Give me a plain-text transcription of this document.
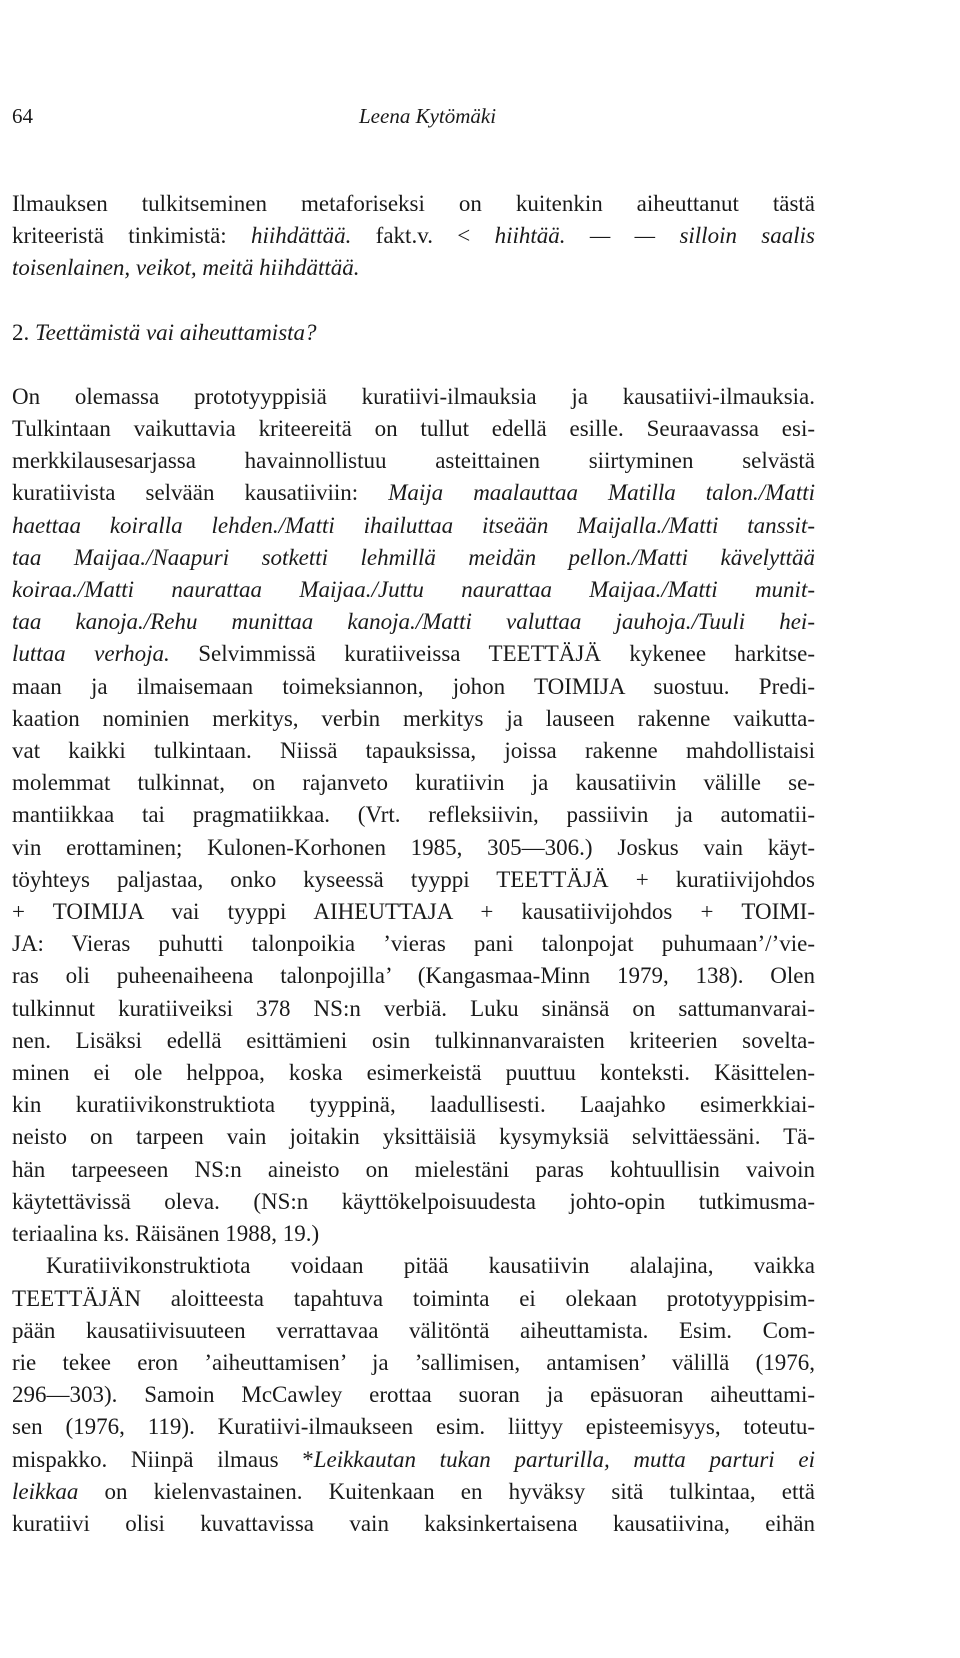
64	Leena Kytömäki
Ilmauksen tulkitseminen metaforiseksi on kuitenkin aiheuttanut tästä
kriteeristä tinkimistä: hiihdättää. fakt.v. < hiihtää. — — silloin saalis
toisenlainen, veikot, meitä hiihdättää.
2. Teettämistä vai aiheuttamista?
On olemassa prototyyppisiä kuratiivi-ilmauksia ja kausatiivi-ilmauksia.
Tulkintaan vaikuttavia kriteereitä on tullut edellä esille. Seuraavassa esi-
merkkilausesarjassa havainnollistuu asteittainen siirtyminen selvästä
kuratiivista selvään kausatiiviin: Maija maalauttaa Matilla talon./Matti
haettaa koiralla lehden./Matti ihailuttaa itseään Maijalla./Matti tanssit-
taa Maijaa./Naapuri sotketti lehmillä meidän pellon./Matti kävelyttää
koiraa./Matti naurattaa Maijaa./Juttu naurattaa Maijaa./Matti munit-
taa kanoja./Rehu munittaa kanoja./Matti valuttaa jauhoja./Tuuli hei-
luttaa verhoja. Selvimmissä kuratiiveissa TEETTÄJÄ kykenee harkitse-
maan ja ilmaisemaan toimeksiannon, johon TOIMIJA suostuu. Predi-
kaation nominien merkitys, verbin merkitys ja lauseen rakenne vaikutta-
vat kaikki tulkintaan. Niissä tapauksissa, joissa rakenne mahdollistaisi
molemmat tulkinnat, on rajanveto kuratiivin ja kausatiivin välille se-
mantiikkaa tai pragmatiikkaa. (Vrt. refleksiivin, passiivin ja automatii-
vin erottaminen; Kulonen-Korhonen 1985, 305—306.) Joskus vain käyt-
töyhteys paljastaa, onko kyseessä tyyppi TEETTÄJÄ + kuratiivijohdos
+ TOIMIJA vai tyyppi AIHEUTTAJA + kausatiivijohdos + TOIMI-
JA: Vieras puhutti talonpoikia ’vieras pani talonpojat puhumaan’/’vie-
ras oli puheenaiheena talonpojilla’ (Kangasmaa-Minn 1979, 138). Olen
tulkinnut kuratiiveiksi 378 NS:n verbiä. Luku sinänsä on sattumanvarai-
nen. Lisäksi edellä esittämieni osin tulkinnanvaraisten kriteerien sovelta-
minen ei ole helppoa, koska esimerkeistä puuttuu konteksti. Käsittelen-
kin kuratiivikonstruktiota tyyppinä, laadullisesti. Laajahko esimerkkiai-
neisto on tarpeen vain joitakin yksittäisiä kysymyksiä selvittäessäni. Tä-
hän tarpeeseen NS:n aineisto on mielestäni paras kohtuullisin vaivoin
käytettävissä oleva. (NS:n käyttökelpoisuudesta johto-opin tutkimusma-
teriaalina ks. Räisänen 1988, 19.)
Kuratiivikonstruktiota voidaan pitää kausatiivin alalajina, vaikka
TEETTÄJÄN aloitteesta tapahtuva toiminta ei olekaan prototyyppisim-
pään kausatiivisuuteen verrattavaa välitöntä aiheuttamista. Esim. Com-
rie tekee eron ’aiheuttamisen’ ja ’sallimisen, antamisen’ välillä (1976,
296—303). Samoin McCawley erottaa suoran ja epäsuoran aiheuttami-
sen (1976, 119). Kuratiivi-ilmaukseen esim. liittyy episteemisyys, toteutu-
mispakko. Niinpä ilmaus *Leikkautan tukan parturilla, mutta parturi ei
leikkaa on kielenvastainen. Kuitenkaan en hyväksy sitä tulkintaa, että
kuratiivi olisi kuvattavissa vain kaksinkertaisena kausatiivina, eihän
